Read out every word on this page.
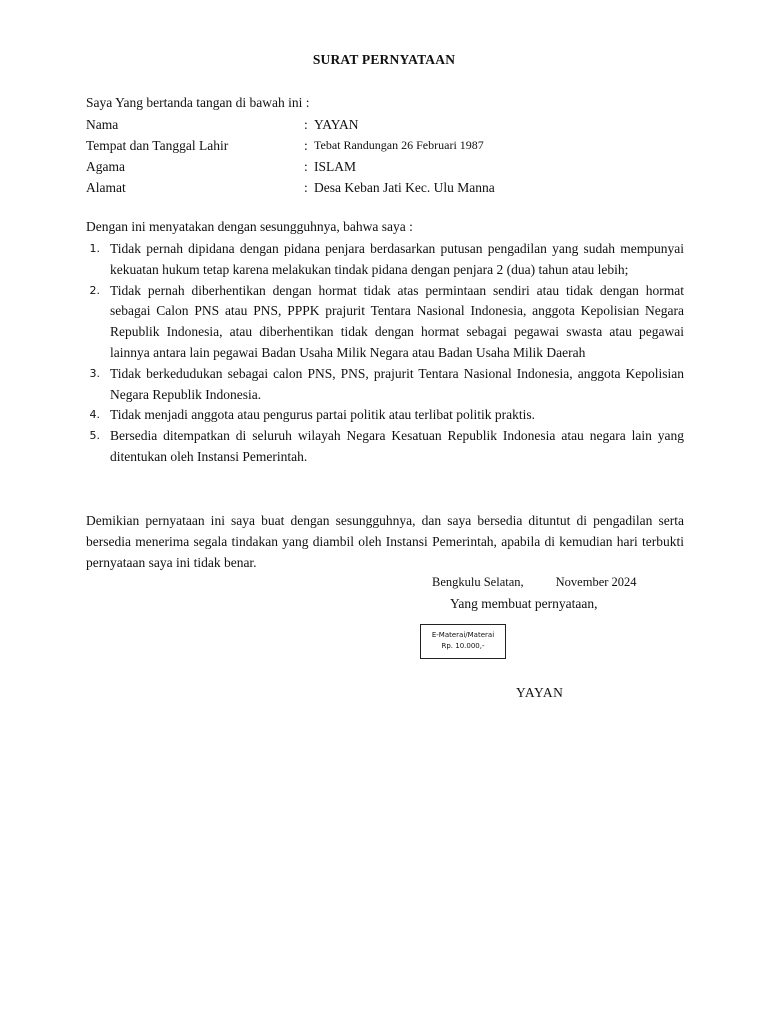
SURAT PERNYATAAN
Saya Yang bertanda tangan di bawah ini :
Nama	: YAYAN
Tempat dan Tanggal Lahir	: Tebat Randungan 26 Februari 1987
Agama	: ISLAM
Alamat	: Desa Keban Jati Kec. Ulu Manna
Dengan ini menyatakan dengan sesungguhnya, bahwa saya :
1. Tidak pernah dipidana dengan pidana penjara berdasarkan putusan pengadilan yang sudah mempunyai kekuatan hukum tetap karena melakukan tindak pidana dengan penjara 2 (dua) tahun atau lebih;
2. Tidak pernah diberhentikan dengan hormat tidak atas permintaan sendiri atau tidak dengan hormat sebagai Calon PNS atau PNS, PPPK prajurit Tentara Nasional Indonesia, anggota Kepolisian Negara Republik Indonesia, atau diberhentikan tidak dengan hormat sebagai pegawai swasta atau pegawai lainnya antara lain pegawai Badan Usaha Milik Negara atau Badan Usaha Milik Daerah
3. Tidak berkedudukan sebagai calon PNS, PNS, prajurit Tentara Nasional Indonesia, anggota Kepolisian Negara Republik Indonesia.
4. Tidak menjadi anggota atau pengurus partai politik atau terlibat politik praktis.
5. Bersedia ditempatkan di seluruh wilayah Negara Kesatuan Republik Indonesia atau negara lain yang ditentukan oleh Instansi Pemerintah.
Demikian pernyataan ini saya buat dengan sesungguhnya, dan saya bersedia dituntut di pengadilan serta bersedia menerima segala tindakan yang diambil oleh Instansi Pemerintah, apabila di kemudian hari terbukti pernyataan saya ini tidak benar.
Bengkulu Selatan,	November 2024
Yang membuat pernyataan,
E-Materai/Materai
Rp. 10.000,-
YAYAN
